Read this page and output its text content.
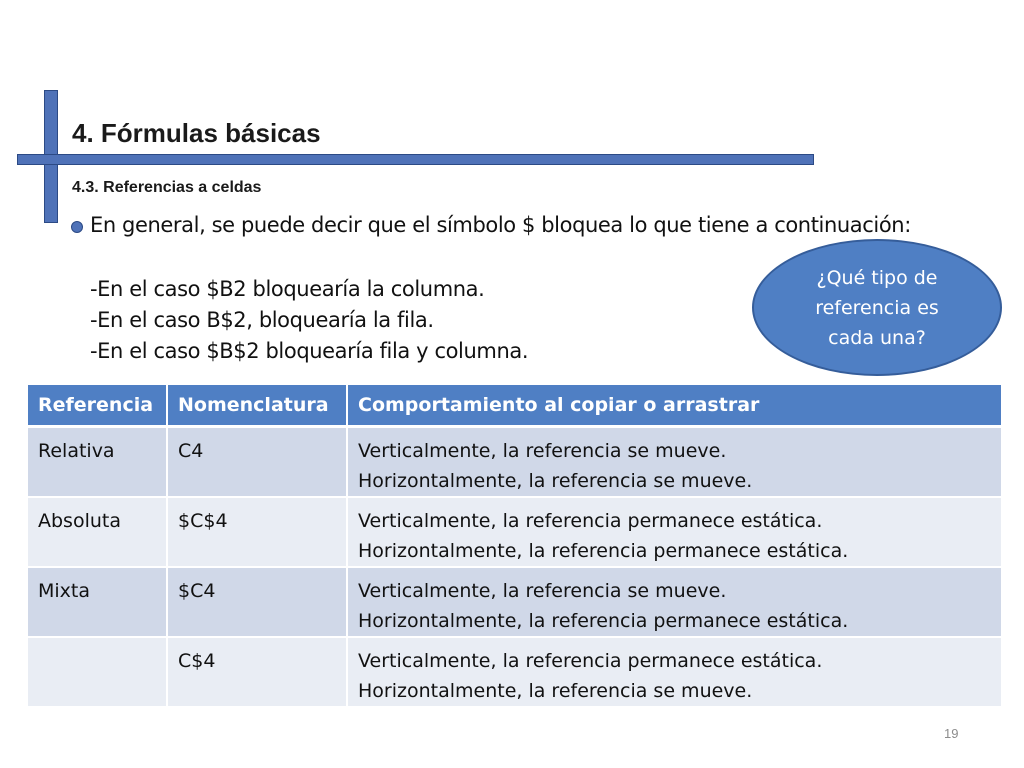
4. Fórmulas básicas
4.3. Referencias a celdas
En general, se puede decir que el símbolo $ bloquea lo que tiene a continuación:
-En el caso $B2 bloquearía la columna.
-En el caso B$2, bloquearía la fila.
-En el caso $B$2 bloquearía fila y columna.
¿Qué tipo de referencia es cada una?
Referencia	Nomenclatura	Comportamiento al copiar o arrastrar
Relativa	C4	Verticalmente, la referencia se mueve.
Horizontalmente, la referencia se mueve.

Absoluta	$C$4	Verticalmente, la referencia permanece estática.
Horizontalmente, la referencia permanece estática.

Mixta	$C4	Verticalmente, la referencia se mueve.
Horizontalmente, la referencia permanece estática.

	C$4	Verticalmente, la referencia permanece estática.
Horizontalmente, la referencia se mueve.
19
